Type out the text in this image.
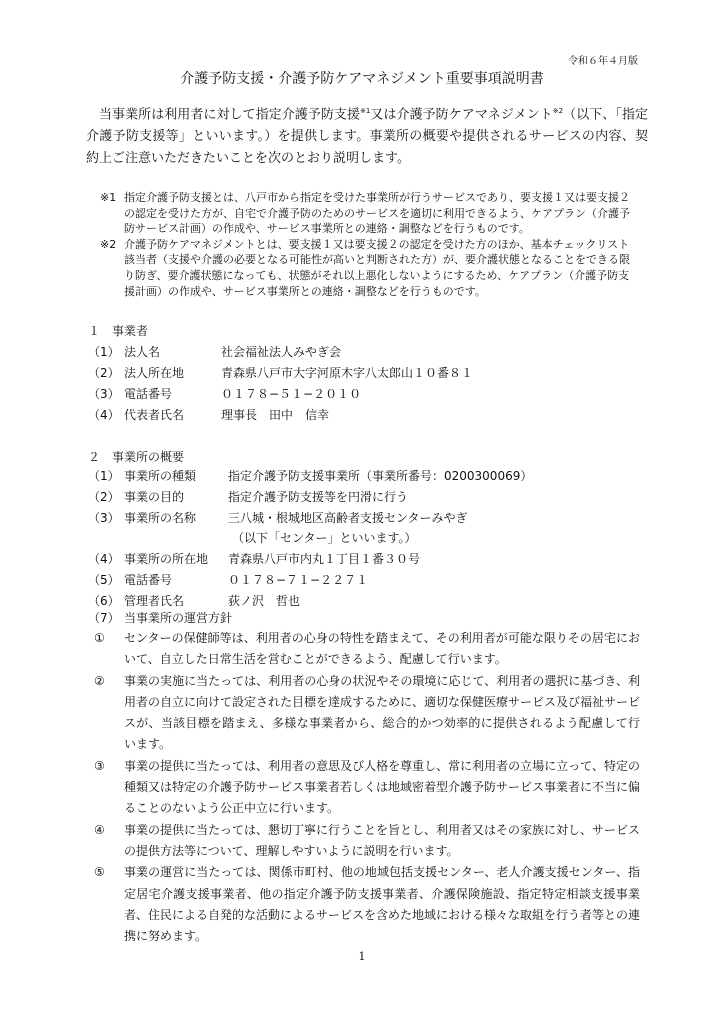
令和６年４月版
介護予防支援・介護予防ケアマネジメント重要事項説明書
当事業所は利用者に対して指定介護予防支援$^{※1}$又は介護予防ケアマネジメント$^{※2}$（以下、「指定介護予防支援等」といいます。）を提供します。事業所の概要や提供されるサービスの内容、契約上ご注意いただきたいことを次のとおり説明します。
※1 指定介護予防支援とは、八戸市から指定を受けた事業所が行うサービスであり、要支援１又は要支援２の認定を受けた方が、自宅で介護予防のためのサービスを適切に利用できるよう、ケアプラン（介護予防サービス計画）の作成や、サービス事業所との連絡・調整などを行うものです。
※2 介護予防ケアマネジメントとは、要支援１又は要支援２の認定を受けた方のほか、基本チェックリスト該当者（支援や介護の必要となる可能性が高いと判断された方）が、要介護状態となることをできる限り防ぎ、要介護状態になっても、状態がそれ以上悪化しないようにするため、ケアプラン（介護予防支援計画）の作成や、サービス事業所との連絡・調整などを行うものです。
１　事業者
（1） 法人名	社会福祉法人みやぎ会
（2） 法人所在地	青森県八戸市大字河原木字八太郎山１０番８１
（3） 電話番号	０１７８−５１−２０１０
（4） 代表者氏名	理事長　田中　信幸
２　事業所の概要
（1） 事業所の種類	指定介護予防支援事業所（事業所番号：0200300069）
（2） 事業の目的	指定介護予防支援等を円滑に行う
（3） 事業所の名称	三八城・根城地区高齢者支援センターみやぎ
（以下「センター」といいます。）
（4） 事業所の所在地 青森県八戸市内丸１丁目１番３０号
（5） 電話番号	０１７８−７１−２２７１
（6） 管理者氏名	荻ノ沢　哲也
（7） 当事業所の運営方針
① センターの保健師等は、利用者の心身の特性を踏まえて、その利用者が可能な限りその居宅において、自立した日常生活を営むことができるよう、配慮して行います。
② 事業の実施に当たっては、利用者の心身の状況やその環境に応じて、利用者の選択に基づき、利用者の自立に向けて設定された目標を達成するために、適切な保健医療サービス及び福祉サービスが、当該目標を踏まえ、多様な事業者から、総合的かつ効率的に提供されるよう配慮して行います。
③ 事業の提供に当たっては、利用者の意思及び人格を尊重し、常に利用者の立場に立って、特定の種類又は特定の介護予防サービス事業者若しくは地域密着型介護予防サービス事業者に不当に偏ることのないよう公正中立に行います。
④ 事業の提供に当たっては、懇切丁寧に行うことを旨とし、利用者又はその家族に対し、サービスの提供方法等について、理解しやすいように説明を行います。
⑤ 事業の運営に当たっては、関係市町村、他の地域包括支援センター、老人介護支援センター、指定居宅介護支援事業者、他の指定介護予防支援事業者、介護保険施設、指定特定相談支援事業者、住民による自発的な活動によるサービスを含めた地域における様々な取組を行う者等との連携に努めます。
1
